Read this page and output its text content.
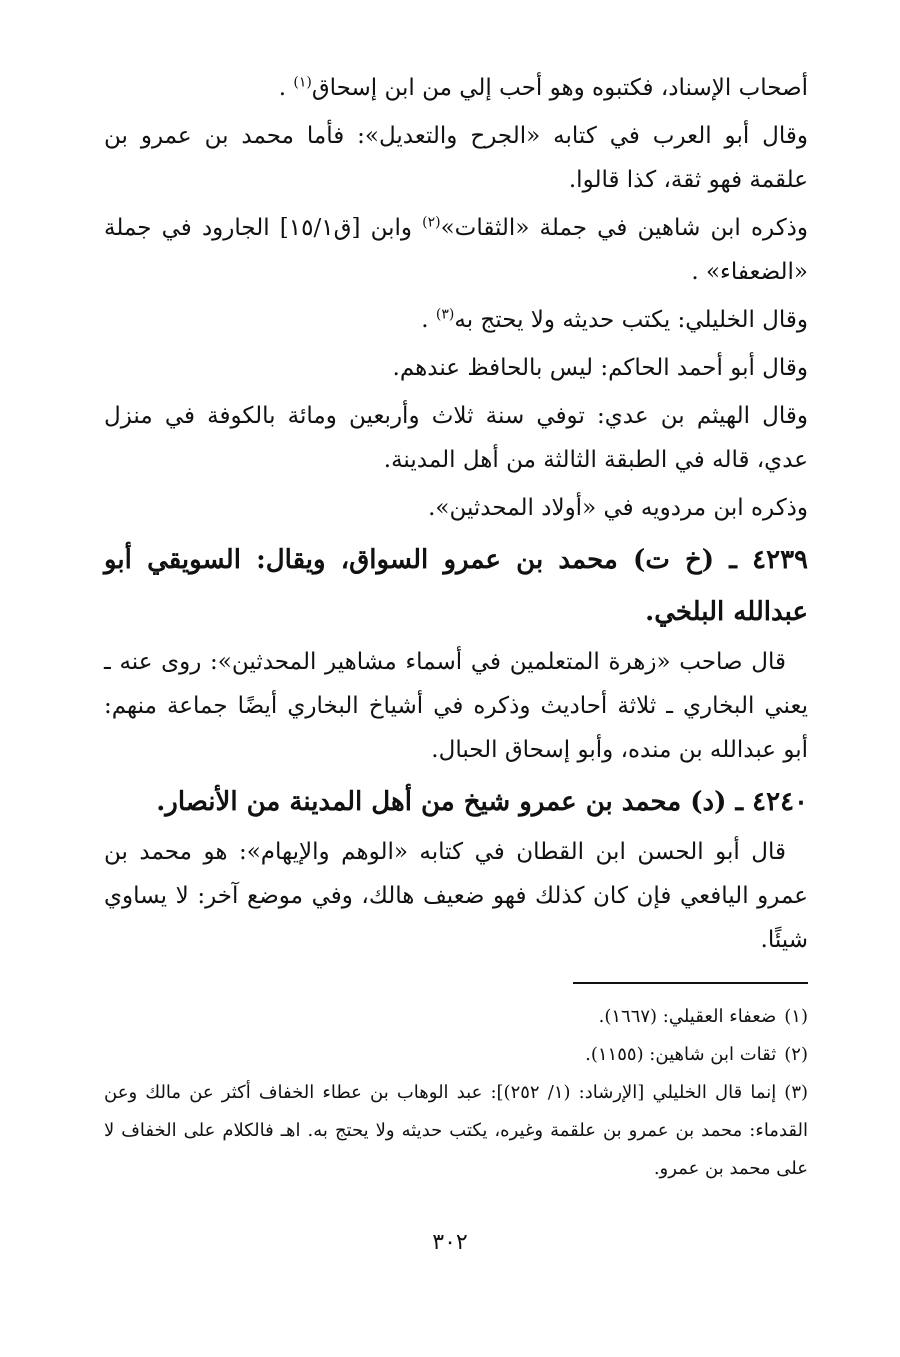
أصحاب الإسناد، فكتبوه وهو أحب إلي من ابن إسحاق$^{(١)}$ .

وقال أبو العرب في كتابه «الجرح والتعديل»: فأما محمد بن عمرو بن علقمة فهو ثقة، كذا قالوا.

وذكره ابن شاهين في جملة «الثقات»$^{(٢)}$ وابن [ق١٥/١] الجارود في جملة «الضعفاء» .

وقال الخليلي: يكتب حديثه ولا يحتج به$^{(٣)}$ .

وقال أبو أحمد الحاكم: ليس بالحافظ عندهم.

وقال الهيثم بن عدي: توفي سنة ثلاث وأربعين ومائة بالكوفة في منزل عدي، قاله في الطبقة الثالثة من أهل المدينة.

وذكره ابن مردويه في «أولاد المحدثين».

٤٢٣٩ ـ (خ ت) محمد بن عمرو السواق، ويقال: السويقي أبو عبدالله البلخي.

قال صاحب «زهرة المتعلمين في أسماء مشاهير المحدثين»: روى عنه ـ يعني البخاري ـ ثلاثة أحاديث وذكره في أشياخ البخاري أيضًا جماعة منهم: أبو عبدالله بن منده، وأبو إسحاق الحبال.

٤٢٤٠ ـ (د) محمد بن عمرو شيخ من أهل المدينة من الأنصار.

قال أبو الحسن ابن القطان في كتابه «الوهم والإيهام»: هو محمد بن عمرو اليافعي فإن كان كذلك فهو ضعيف هالك، وفي موضع آخر: لا يساوي شيئًا.

(١)ضعفاء العقيلي: (١٦٦٧).

(٢)ثقات ابن شاهين: (١١٥٥).

(٣)إنما قال الخليلي [الإرشاد: (١/ ٢٥٢)]: عبد الوهاب بن عطاء الخفاف أكثر عن مالك وعن القدماء: محمد بن عمرو بن علقمة وغيره، يكتب حديثه ولا يحتج به. اهـ فالكلام على الخفاف لا على محمد بن عمرو.

٣٠٢
